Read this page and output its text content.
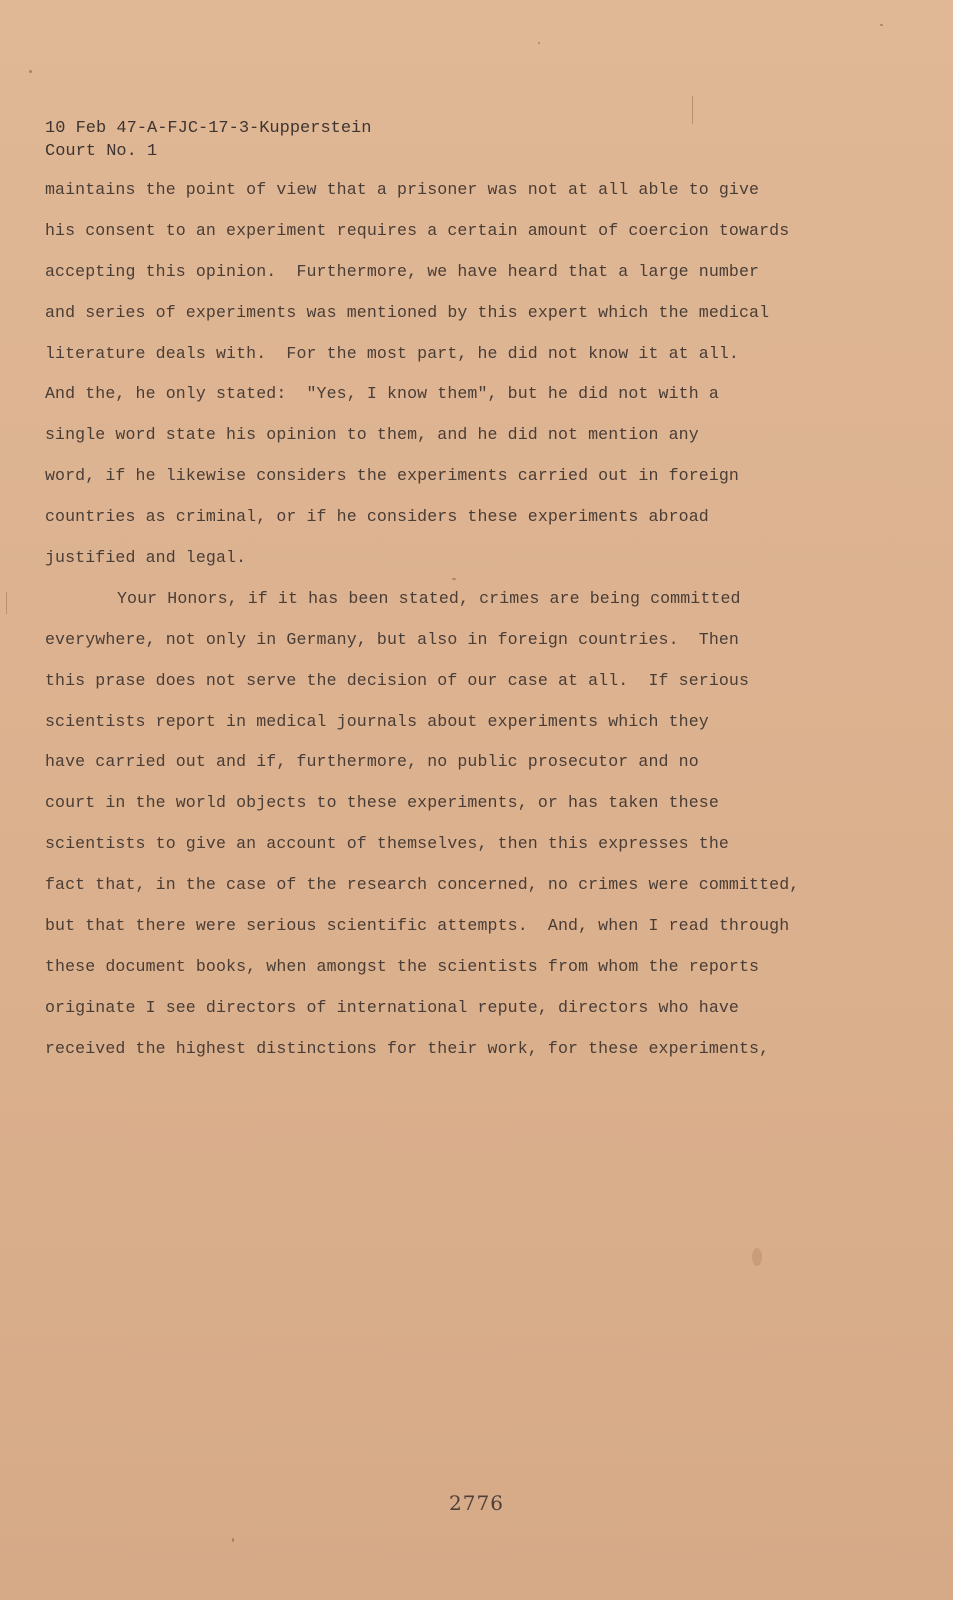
10 Feb 47-A-FJC-17-3-Kupperstein
Court No. 1
maintains the point of view that a prisoner was not at all able to give
his consent to an experiment requires a certain amount of coercion towards
accepting this opinion.  Furthermore, we have heard that a large number
and series of experiments was mentioned by this expert which the medical
literature deals with.  For the most part, he did not know it at all.
And the, he only stated:  "Yes, I know them", but he did not with a
single word state his opinion to them, and he did not mention any
word, if he likewise considers the experiments carried out in foreign
countries as criminal, or if he considers these experiments abroad
justified and legal.
Your Honors, if it has been stated, crimes are being committed
everywhere, not only in Germany, but also in foreign countries.  Then
this prase does not serve the decision of our case at all.  If serious
scientists report in medical journals about experiments which they
have carried out and if, furthermore, no public prosecutor and no
court in the world objects to these experiments, or has taken these
scientists to give an account of themselves, then this expresses the
fact that, in the case of the research concerned, no crimes were committed,
but that there were serious scientific attempts.  And, when I read through
these document books, when amongst the scientists from whom the reports
originate I see directors of international repute, directors who have
received the highest distinctions for their work, for these experiments,
2776
